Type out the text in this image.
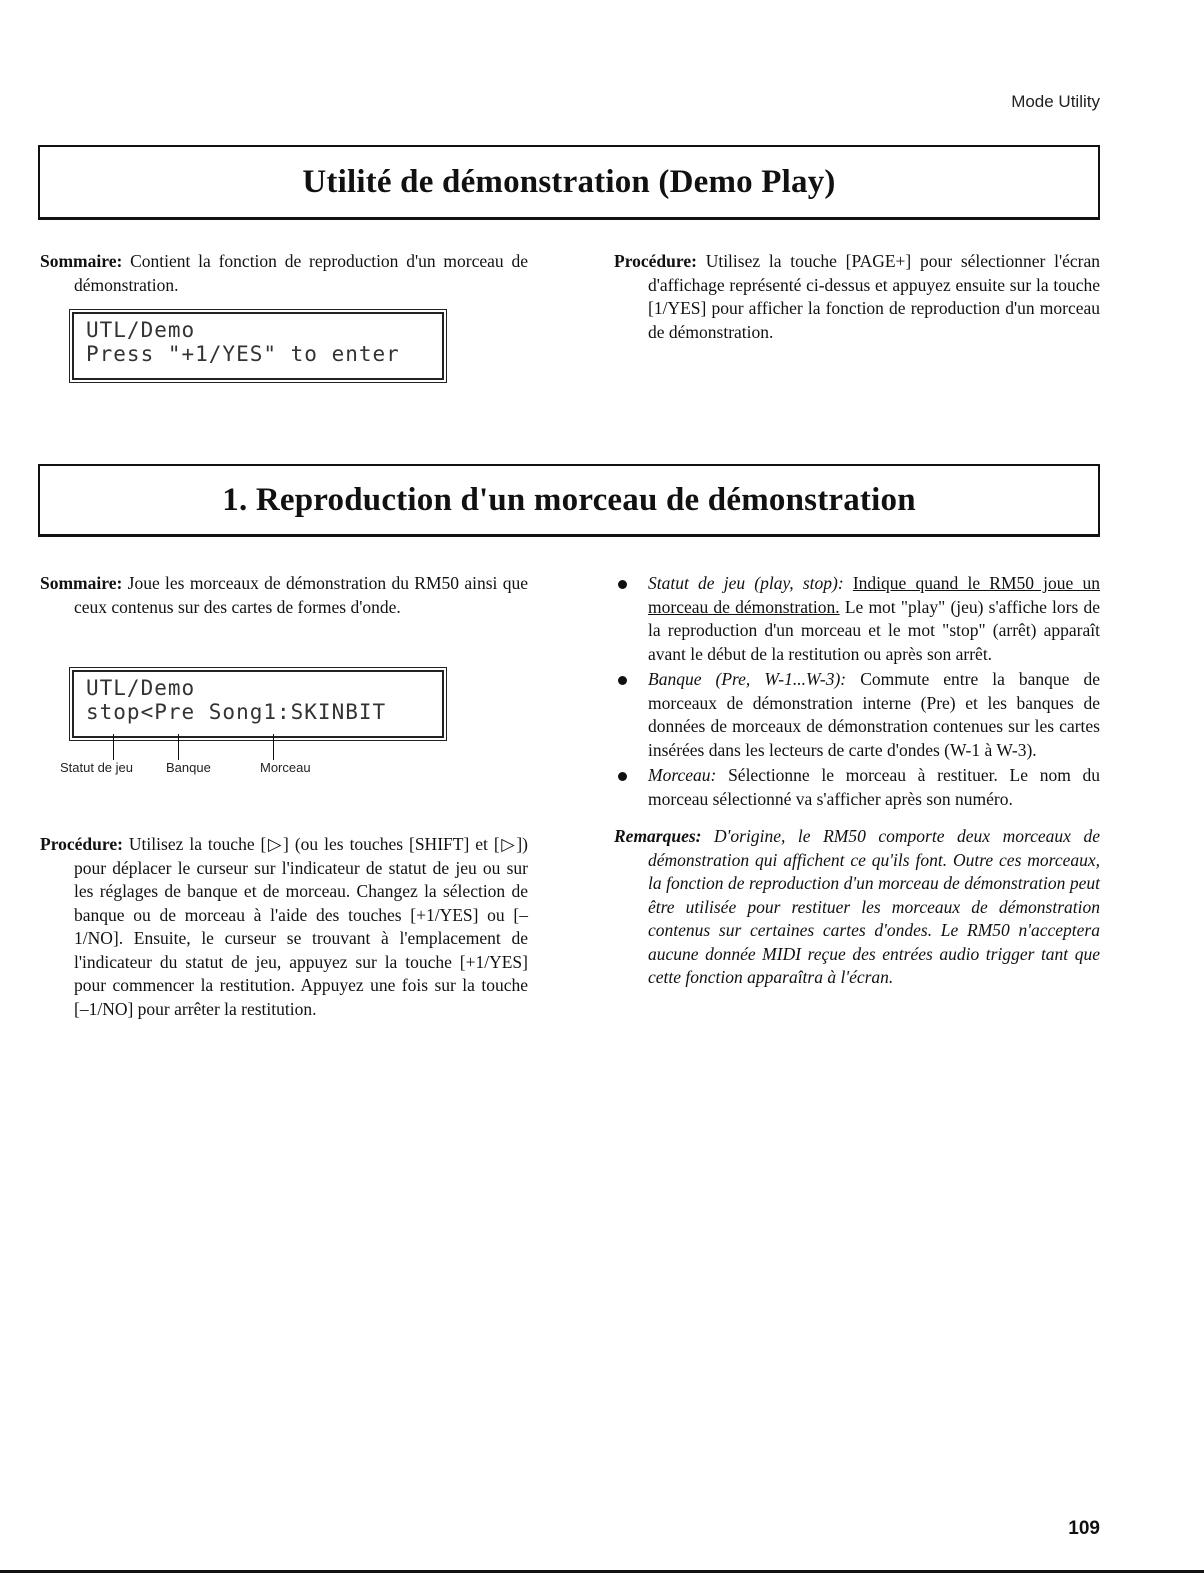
Mode Utility
Utilité de démonstration (Demo Play)

Sommaire: Contient la fonction de reproduction d'un morceau de démonstration.

UTL/Demo
Press "+1/YES" to enter

Procédure: Utilisez la touche [PAGE+] pour sélectionner l'écran d'affichage représenté ci-dessus et appuyez ensuite sur la touche [1/YES] pour afficher la fonction de reproduction d'un morceau de démonstration.

1. Reproduction d'un morceau de démonstration

Sommaire: Joue les morceaux de démonstration du RM50 ainsi que ceux contenus sur des cartes de formes d'onde.

UTL/Demo
stop<Pre Song1:SKINBIT
Statut de jeu	Banque	Morceau

Procédure: Utilisez la touche [▷] (ou les touches [SHIFT] et [▷]) pour déplacer le curseur sur l'indicateur de statut de jeu ou sur les réglages de banque et de morceau. Changez la sélection de banque ou de morceau à l'aide des touches [+1/YES] ou [–1/NO]. Ensuite, le curseur se trouvant à l'emplacement de l'indicateur du statut de jeu, appuyez sur la touche [+1/YES] pour commencer la restitution. Appuyez une fois sur la touche [–1/NO] pour arrêter la restitution.

Statut de jeu (play, stop): Indique quand le RM50 joue un morceau de démonstration. Le mot "play" (jeu) s'affiche lors de la reproduction d'un morceau et le mot "stop" (arrêt) apparaît avant le début de la restitution ou après son arrêt.
Banque (Pre, W-1...W-3): Commute entre la banque de morceaux de démonstration interne (Pre) et les banques de données de morceaux de démonstration contenues sur les cartes insérées dans les lecteurs de carte d'ondes (W-1 à W-3).
Morceau: Sélectionne le morceau à restituer. Le nom du morceau sélectionné va s'afficher après son numéro.

Remarques: D'origine, le RM50 comporte deux morceaux de démonstration qui affichent ce qu'ils font. Outre ces morceaux, la fonction de reproduction d'un morceau de démonstration peut être utilisée pour restituer les morceaux de démonstration contenus sur certaines cartes d'ondes. Le RM50 n'acceptera aucune donnée MIDI reçue des entrées audio trigger tant que cette fonction apparaîtra à l'écran.

109
